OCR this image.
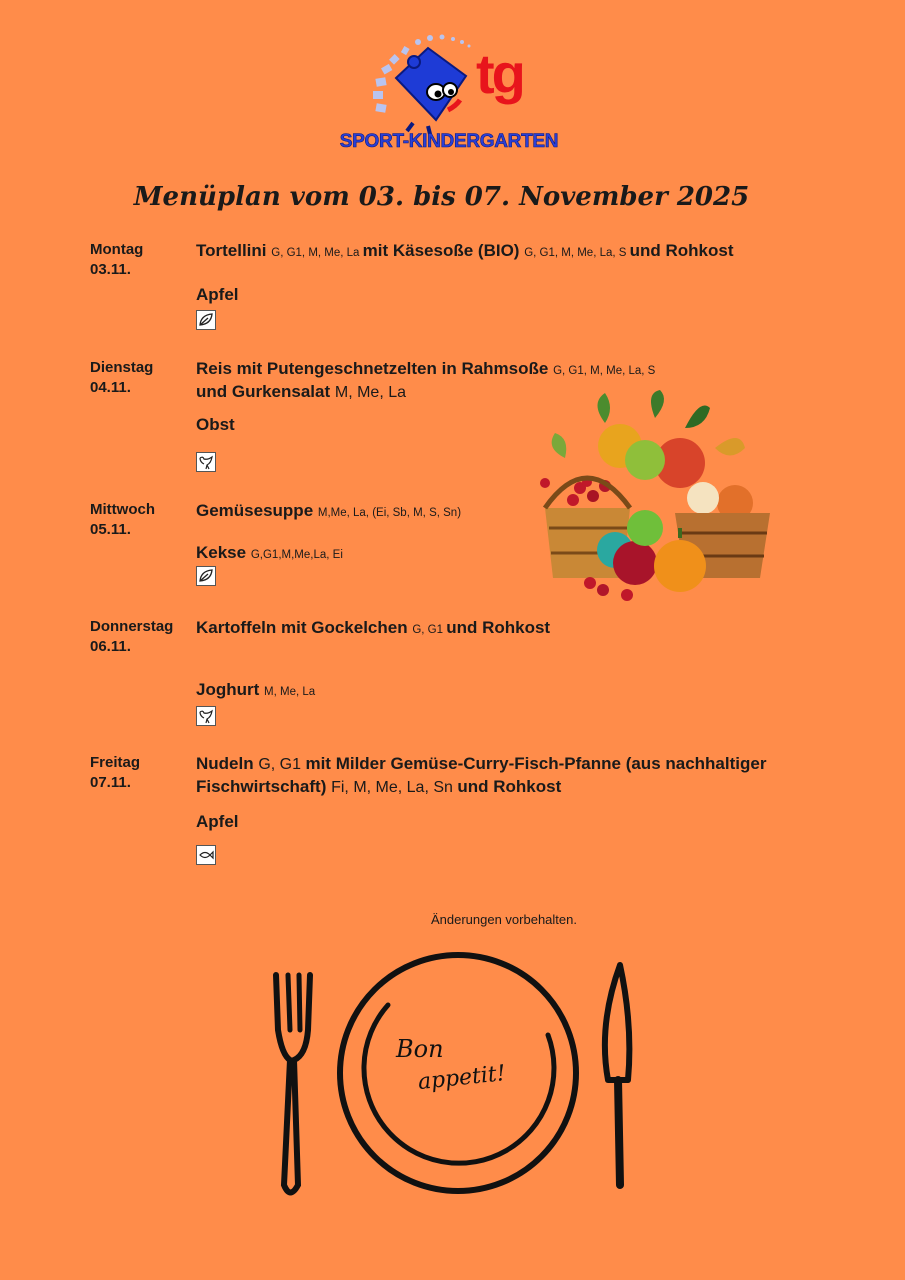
tg
SPORT-KINDERGARTEN
Menüplan vom 03. bis 07. November 2025
Montag
03.11.
Tortellini G, G1, M, Me, La mit Käsesoße (BIO) G, G1, M, Me, La, S und Rohkost
Apfel
Dienstag
04.11.
Reis mit Putengeschnetzelten in Rahmsoße G, G1, M, Me, La, S
und Gurkensalat M, Me, La
Obst
Mittwoch
05.11.
Gemüsesuppe M,Me, La, (Ei, Sb, M, S, Sn)
Kekse G,G1,M,Me,La, Ei
Donnerstag
06.11.
Kartoffeln mit Gockelchen G, G1 und Rohkost
Joghurt M, Me, La
Freitag
07.11.
Nudeln G, G1 mit Milder Gemüse-Curry-Fisch-Pfanne (aus nachhaltiger
Fischwirtschaft) Fi, M, Me, La, Sn und Rohkost
Apfel
Änderungen vorbehalten.
Bon
appetit!
